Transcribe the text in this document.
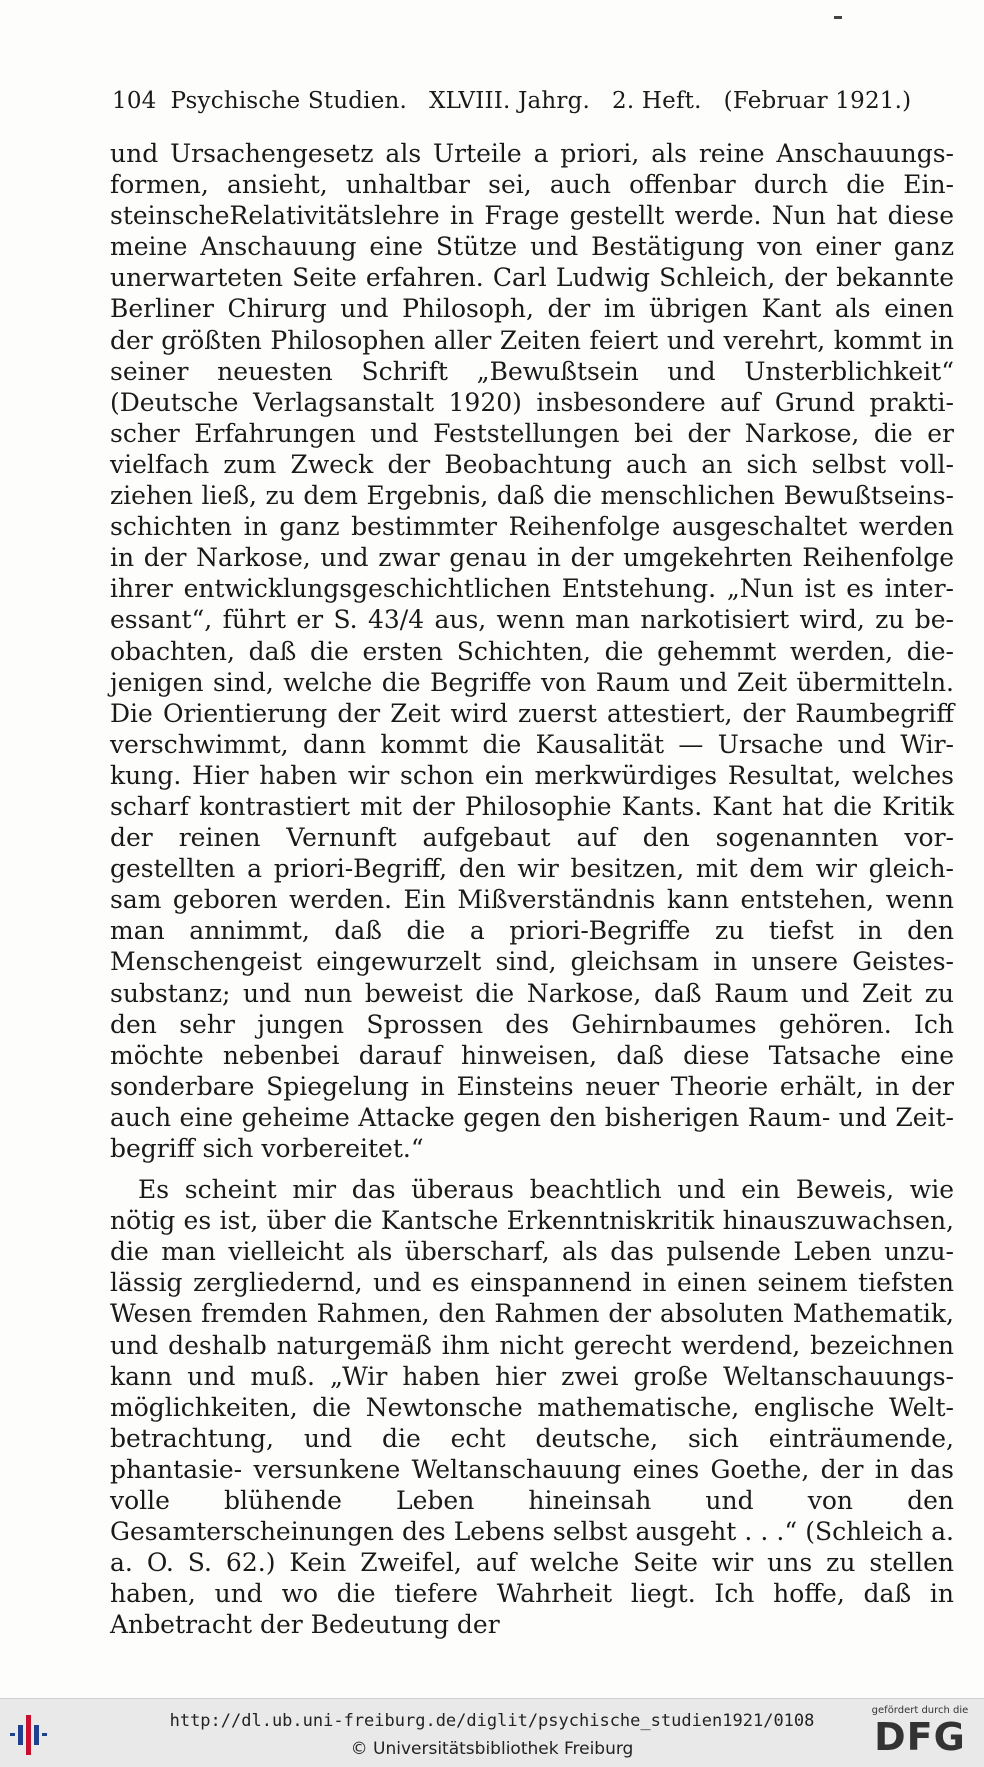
104 Psychische Studien. XLVIII. Jahrg. 2. Heft. (Februar 1921.)

und Ursachengesetz als Urteile a priori, als reine Anschauungs- formen, ansieht, unhaltbar sei, auch offenbar durch die Ein- steinscheRelativitätslehre in Frage gestellt werde. Nun hat diese meine Anschauung eine Stütze und Bestätigung von einer ganz unerwarteten Seite erfahren. Carl Ludwig Schleich, der bekannte Berliner Chirurg und Philosoph, der im übrigen Kant als einen der größten Philosophen aller Zeiten feiert und verehrt, kommt in seiner neuesten Schrift „Bewußtsein und Unsterblichkeit“ (Deutsche Verlagsanstalt 1920) insbesondere auf Grund prakti- scher Erfahrungen und Feststellungen bei der Narkose, die er vielfach zum Zweck der Beobachtung auch an sich selbst voll- ziehen ließ, zu dem Ergebnis, daß die menschlichen Bewußtseins- schichten in ganz bestimmter Reihenfolge ausgeschaltet werden in der Narkose, und zwar genau in der umgekehrten Reihenfolge ihrer entwicklungsgeschichtlichen Entstehung. „Nun ist es inter- essant“, führt er S. 43/4 aus, wenn man narkotisiert wird, zu be- obachten, daß die ersten Schichten, die gehemmt werden, die- jenigen sind, welche die Begriffe von Raum und Zeit übermitteln. Die Orientierung der Zeit wird zuerst attestiert, der Raumbegriff verschwimmt, dann kommt die Kausalität — Ursache und Wir- kung. Hier haben wir schon ein merkwürdiges Resultat, welches scharf kontrastiert mit der Philosophie Kants. Kant hat die Kritik der reinen Vernunft aufgebaut auf den sogenannten vor- gestellten a priori-Begriff, den wir besitzen, mit dem wir gleich- sam geboren werden. Ein Mißverständnis kann entstehen, wenn man annimmt, daß die a priori-Begriffe zu tiefst in den Menschengeist eingewurzelt sind, gleichsam in unsere Geistes- substanz; und nun beweist die Narkose, daß Raum und Zeit zu den sehr jungen Sprossen des Gehirnbaumes gehören. Ich möchte nebenbei darauf hinweisen, daß diese Tatsache eine sonderbare Spiegelung in Einsteins neuer Theorie erhält, in der auch eine geheime Attacke gegen den bisherigen Raum- und Zeit- begriff sich vorbereitet.“

Es scheint mir das überaus beachtlich und ein Beweis, wie nötig es ist, über die Kantsche Erkenntniskritik hinauszuwachsen, die man vielleicht als überscharf, als das pulsende Leben unzu- lässig zergliedernd, und es einspannend in einen seinem tiefsten Wesen fremden Rahmen, den Rahmen der absoluten Mathematik, und deshalb naturgemäß ihm nicht gerecht werdend, bezeichnen kann und muß. „Wir haben hier zwei große Weltanschauungs- möglichkeiten, die Newtonsche mathematische, englische Welt- betrachtung, und die echt deutsche, sich einträumende, phantasie- versunkene Weltanschauung eines Goethe, der in das volle blühende Leben hineinsah und von den Gesamterscheinungen des Lebens selbst ausgeht . . .“ (Schleich a. a. O. S. 62.) Kein Zweifel, auf welche Seite wir uns zu stellen haben, und wo die tiefere Wahrheit liegt. Ich hoffe, daß in Anbetracht der Bedeutung der

http://dl.ub.uni-freiburg.de/diglit/psychische_studien1921/0108
© Universitätsbibliothek Freiburg
gefördert durch die
DFG
